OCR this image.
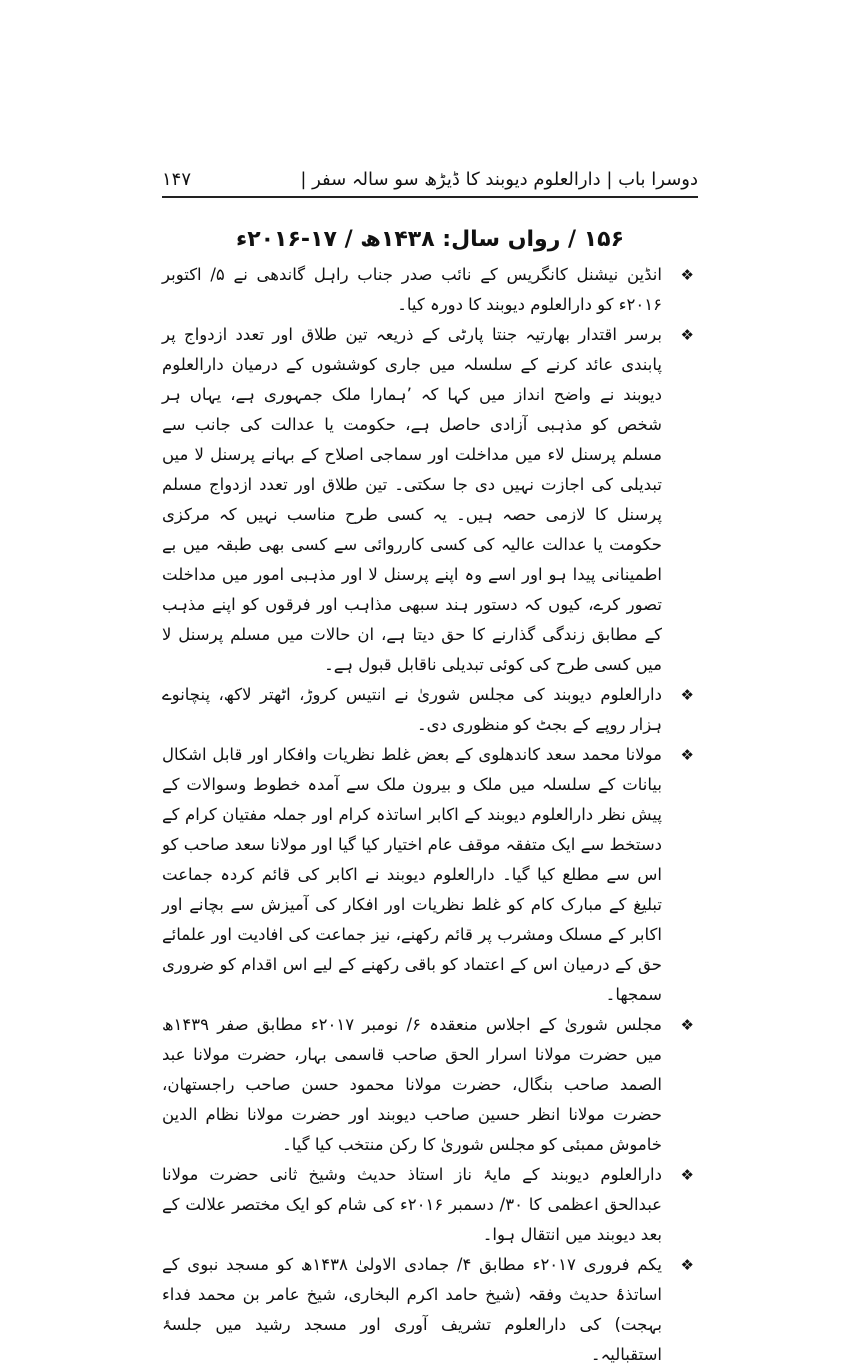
دوسرا باب | دارالعلوم دیوبند کا ڈیڑھ سو سالہ سفر |
۱۴۷
۱۵۶ / رواں سال: ۱۴۳۸ھ / ۱۷-۲۰۱۶ء

❖
انڈین نیشنل کانگریس کے نائب صدر جناب راہل گاندھی نے ۵/ اکتوبر ۲۰۱۶ء کو دارالعلوم دیوبند کا دورہ کیا۔

❖
برسر اقتدار بھارتیہ جنتا پارٹی کے ذریعہ تین طلاق اور تعدد ازدواج پر پابندی عائد کرنے کے سلسلہ میں جاری کوششوں کے درمیان دارالعلوم دیوبند نے واضح انداز میں کہا کہ ’ہمارا ملک جمہوری ہے، یہاں ہر شخص کو مذہبی آزادی حاصل ہے، حکومت یا عدالت کی جانب سے مسلم پرسنل لاء میں مداخلت اور سماجی اصلاح کے بہانے پرسنل لا میں تبدیلی کی اجازت نہیں دی جا سکتی۔ تین طلاق اور تعدد ازدواج مسلم پرسنل کا لازمی حصہ ہیں۔ یہ کسی طرح مناسب نہیں کہ مرکزی حکومت یا عدالت عالیہ کی کسی کارروائی سے کسی بھی طبقہ میں بے اطمینانی پیدا ہو اور اسے وہ اپنے پرسنل لا اور مذہبی امور میں مداخلت تصور کرے، کیوں کہ دستور ہند سبھی مذاہب اور فرقوں کو اپنے مذہب کے مطابق زندگی گذارنے کا حق دیتا ہے، ان حالات میں مسلم پرسنل لا میں کسی طرح کی کوئی تبدیلی ناقابل قبول ہے۔

❖
دارالعلوم دیوبند کی مجلس شوریٰ نے انتیس کروڑ، اٹھتر لاکھ، پنچانوے ہزار روپے کے بجٹ کو منظوری دی۔

❖
مولانا محمد سعد کاندھلوی کے بعض غلط نظریات وافکار اور قابل اشکال بیانات کے سلسلہ میں ملک و بیرون ملک سے آمدہ خطوط وسوالات کے پیش نظر دارالعلوم دیوبند کے اکابر اساتذہ کرام اور جملہ مفتیان کرام کے دستخط سے ایک متفقہ موقف عام اختیار کیا گیا اور مولانا سعد صاحب کو اس سے مطلع کیا گیا۔ دارالعلوم دیوبند نے اکابر کی قائم کردہ جماعت تبلیغ کے مبارک کام کو غلط نظریات اور افکار کی آمیزش سے بچانے اور اکابر کے مسلک ومشرب پر قائم رکھنے، نیز جماعت کی افادیت اور علمائے حق کے درمیان اس کے اعتماد کو باقی رکھنے کے لیے اس اقدام کو ضروری سمجھا۔

❖
مجلس شوریٰ کے اجلاس منعقدہ ۶/ نومبر ۲۰۱۷ء مطابق صفر ۱۴۳۹ھ میں حضرت مولانا اسرار الحق صاحب قاسمی بہار، حضرت مولانا عبد الصمد صاحب بنگال، حضرت مولانا محمود حسن صاحب راجستھان، حضرت مولانا انظر حسین صاحب دیوبند اور حضرت مولانا نظام الدین خاموش ممبئی کو مجلس شوریٰ کا رکن منتخب کیا گیا۔

❖
دارالعلوم دیوبند کے مایۂ ناز استاذ حدیث وشیخ ثانی حضرت مولانا عبدالحق اعظمی کا ۳۰/ دسمبر ۲۰۱۶ء کی شام کو ایک مختصر علالت کے بعد دیوبند میں انتقال ہوا۔

❖
یکم فروری ۲۰۱۷ء مطابق ۴/ جمادی الاولیٰ ۱۴۳۸ھ کو مسجد نبوی کے اساتذۂ حدیث وفقہ (شیخ حامد اکرم البخاری، شیخ عامر بن محمد فداء بہجت) کی دارالعلوم تشریف آوری اور مسجد رشید میں جلسۂ استقبالیہ۔
